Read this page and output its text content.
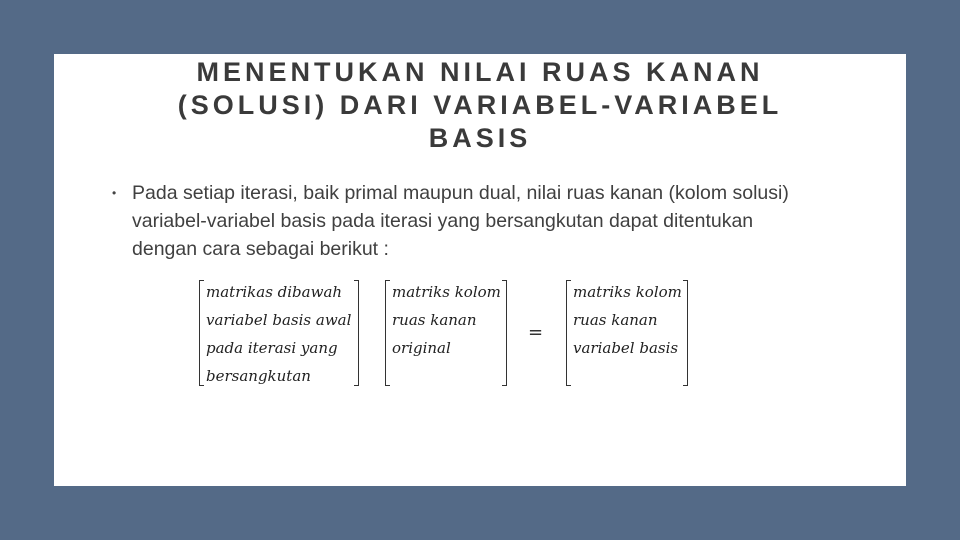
MENENTUKAN NILAI RUAS KANAN
(SOLUSI) DARI VARIABEL-VARIABEL
BASIS
• Pada setiap iterasi, baik primal maupun dual, nilai ruas kanan (kolom solusi) variabel-variabel basis pada iterasi yang bersangkutan dapat ditentukan dengan cara sebagai berikut :
matrikas dibawah
variabel basis awal
pada iterasi yang
bersangkutan
matriks kolom
ruas kanan
original
=
matriks kolom
ruas kanan
variabel basis
